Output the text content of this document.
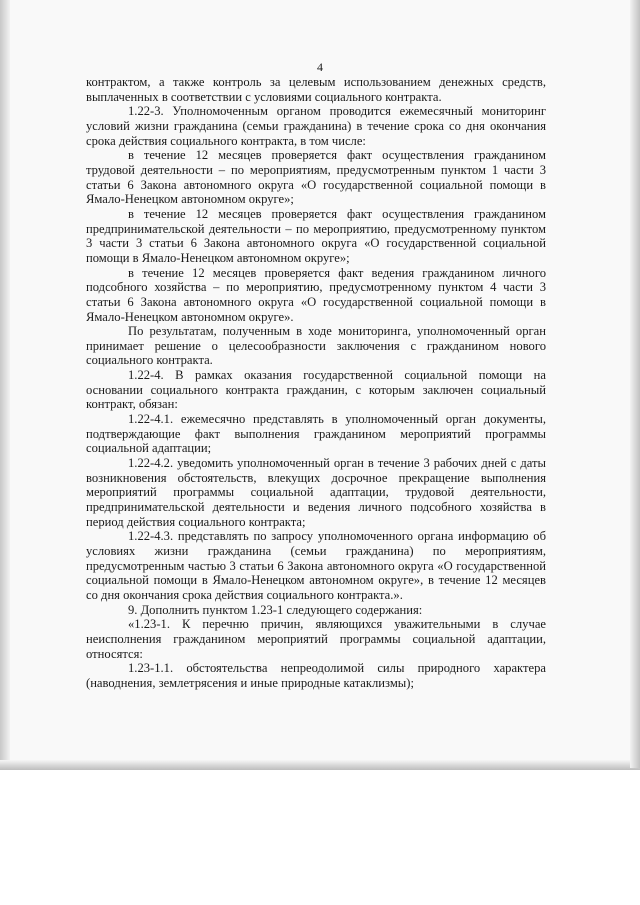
4

контрактом, а также контроль за целевым использованием денежных средств, выплаченных в соответствии с условиями социального контракта.

1.22-3. Уполномоченным органом проводится ежемесячный мониторинг условий жизни гражданина (семьи гражданина) в течение срока со дня окончания срока действия социального контракта, в том числе:

в течение 12 месяцев проверяется факт осуществления гражданином трудовой деятельности – по мероприятиям, предусмотренным пунктом 1 части 3 статьи 6 Закона автономного округа «О государственной социальной помощи в Ямало-Ненецком автономном округе»;

в течение 12 месяцев проверяется факт осуществления гражданином предпринимательской деятельности – по мероприятию, предусмотренному пунктом 3 части 3 статьи 6 Закона автономного округа «О государственной социальной помощи в Ямало-Ненецком автономном округе»;

в течение 12 месяцев проверяется факт ведения гражданином личного подсобного хозяйства – по мероприятию, предусмотренному пунктом 4 части 3 статьи 6 Закона автономного округа «О государственной социальной помощи в Ямало-Ненецком автономном округе».

По результатам, полученным в ходе мониторинга, уполномоченный орган принимает решение о целесообразности заключения с гражданином нового социального контракта.

1.22-4. В рамках оказания государственной социальной помощи на основании социального контракта гражданин, с которым заключен социальный контракт, обязан:

1.22-4.1. ежемесячно представлять в уполномоченный орган документы, подтверждающие факт выполнения гражданином мероприятий программы социальной адаптации;

1.22-4.2. уведомить уполномоченный орган в течение 3 рабочих дней с даты возникновения обстоятельств, влекущих досрочное прекращение выполнения мероприятий программы социальной адаптации, трудовой деятельности, предпринимательской деятельности и ведения личного подсобного хозяйства в период действия социального контракта;

1.22-4.3. представлять по запросу уполномоченного органа информацию об условиях жизни гражданина (семьи гражданина) по мероприятиям, предусмотренным частью 3 статьи 6 Закона автономного округа «О государственной социальной помощи в Ямало-Ненецком автономном округе», в течение 12 месяцев со дня окончания срока действия социального контракта.».

9. Дополнить пунктом 1.23-1 следующего содержания:

«1.23-1. К перечню причин, являющихся уважительными в случае неисполнения гражданином мероприятий программы социальной адаптации, относятся:

1.23-1.1. обстоятельства непреодолимой силы природного характера (наводнения, землетрясения и иные природные катаклизмы);
